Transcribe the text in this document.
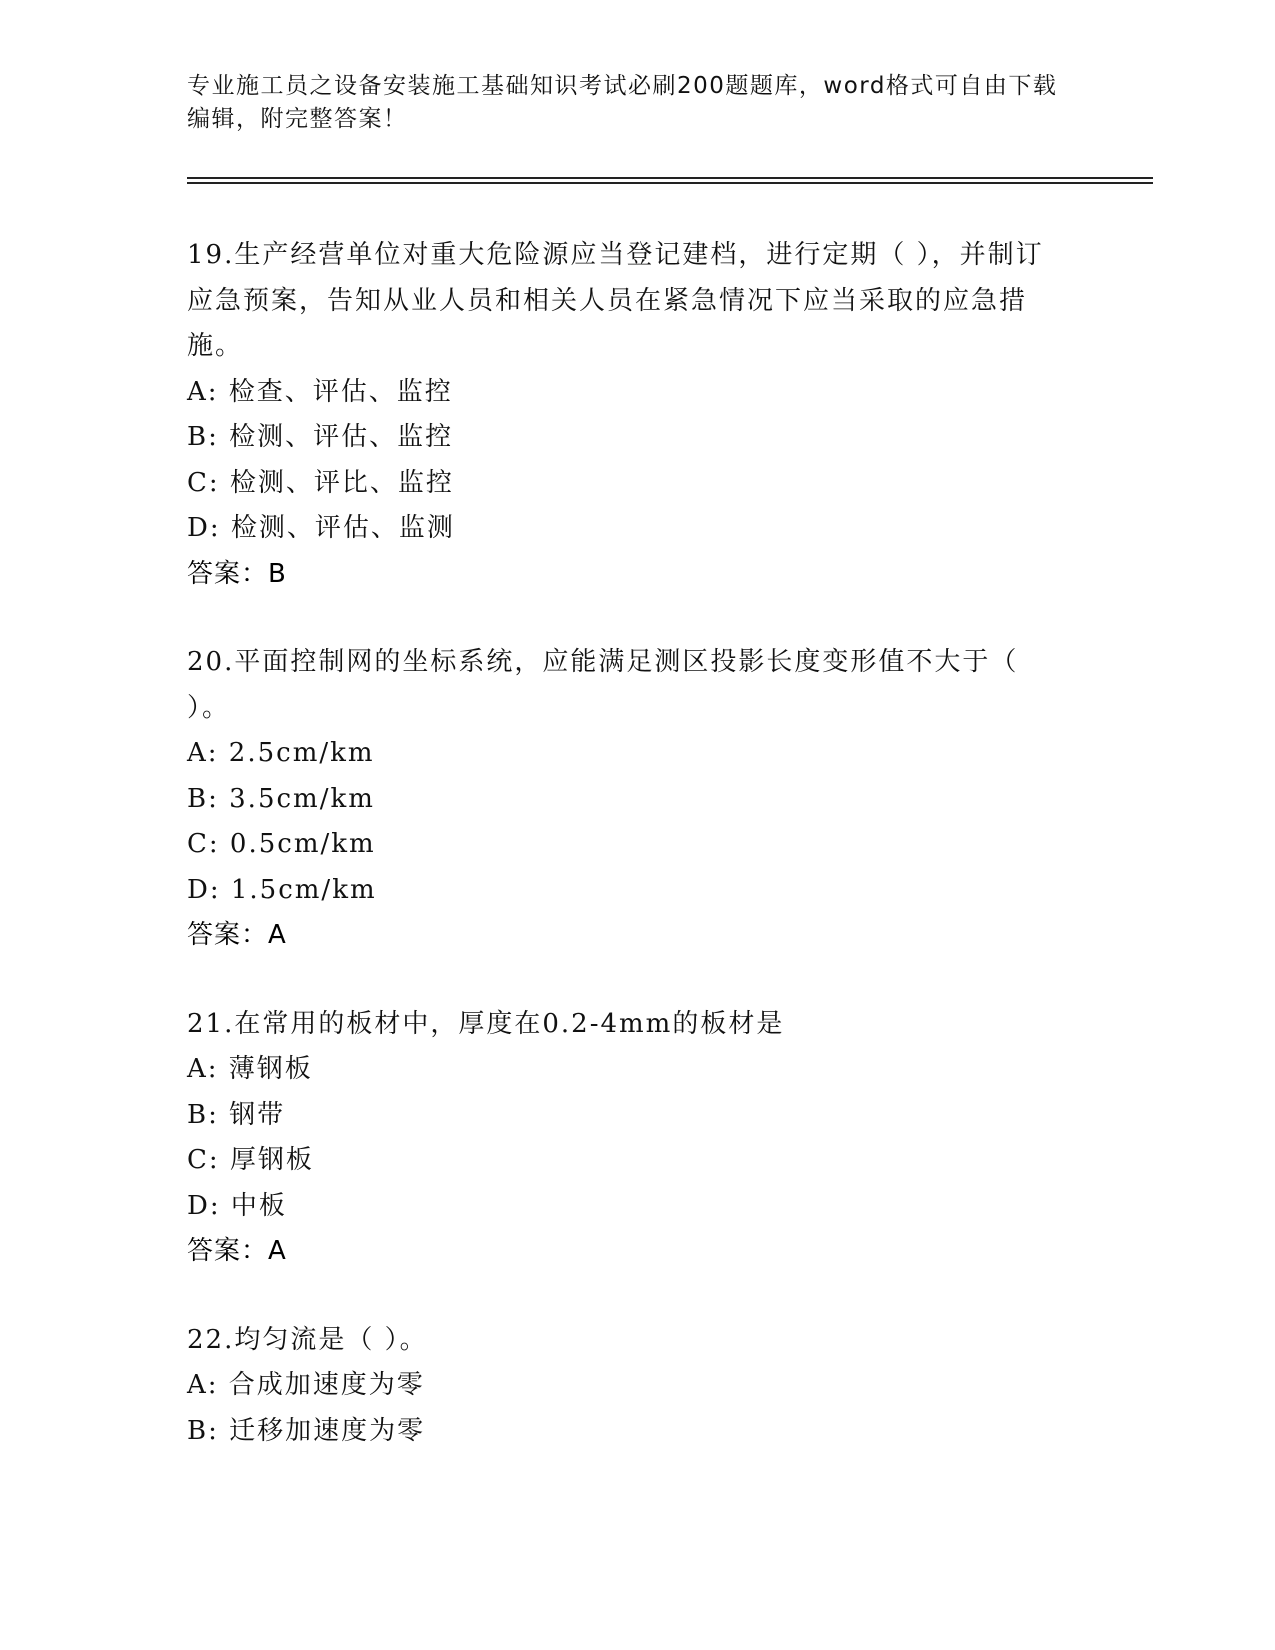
专业施工员之设备安装施工基础知识考试必刷200题题库，word格式可自由下载编辑，附完整答案！

19.生产经营单位对重大危险源应当登记建档，进行定期（ ），并制订应急预案，告知从业人员和相关人员在紧急情况下应当采取的应急措施。

A: 检查、评估、监控
B: 检测、评估、监控
C: 检测、评比、监控
D: 检测、评估、监测
答案：B

20.平面控制网的坐标系统，应能满足测区投影长度变形值不大于（ ）。

A: 2.5cm/km
B: 3.5cm/km
C: 0.5cm/km
D: 1.5cm/km
答案：A

21.在常用的板材中，厚度在0.2-4mm的板材是

A: 薄钢板
B: 钢带
C: 厚钢板
D: 中板
答案：A

22.均匀流是（ ）。

A: 合成加速度为零
B: 迁移加速度为零
